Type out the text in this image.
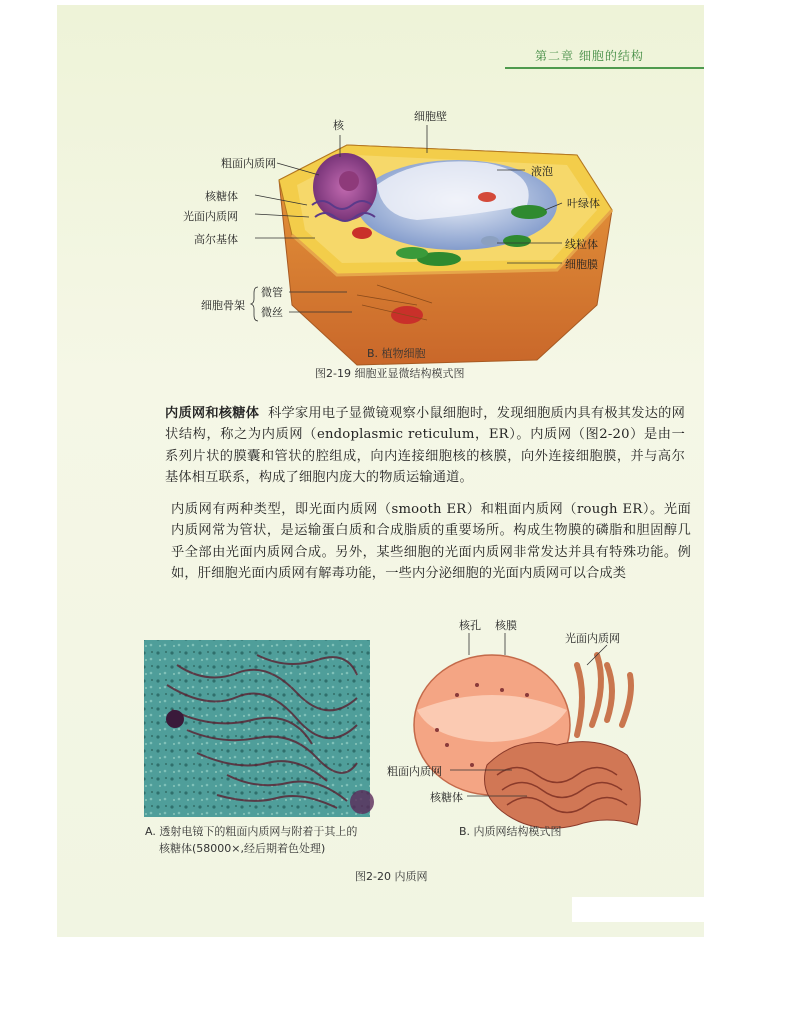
第二章 细胞的结构
核
细胞壁
粗面内质网
液泡
核糖体
叶绿体
光面内质网
高尔基体	线粒体
细胞膜
微管
细胞骨架
微丝
B. 植物细胞
图2-19 细胞亚显微结构模式图
内质网和核糖体 科学家用电子显微镜观察小鼠细胞时，发现细胞质内具有极其发达的网状结构，称之为内质网（endoplasmic reticulum，ER）。内质网（图2-20）是由一系列片状的膜囊和管状的腔组成，向内连接细胞核的核膜，向外连接细胞膜，并与高尔基体相互联系，构成了细胞内庞大的物质运输通道。
内质网有两种类型，即光面内质网（smooth ER）和粗面内质网（rough ER）。光面内质网常为管状，是运输蛋白质和合成脂质的重要场所。构成生物膜的磷脂和胆固醇几乎全部由光面内质网合成。另外，某些细胞的光面内质网非常发达并具有特殊功能。例如，肝细胞光面内质网有解毒功能，一些内分泌细胞的光面内质网可以合成类
核孔 核膜
光面内质网
粗面内质网
核糖体
A. 透射电镜下的粗面内质网与附着于其上的
核糖体(58000×,经后期着色处理)
B. 内质网结构模式图
图2-20 内质网
